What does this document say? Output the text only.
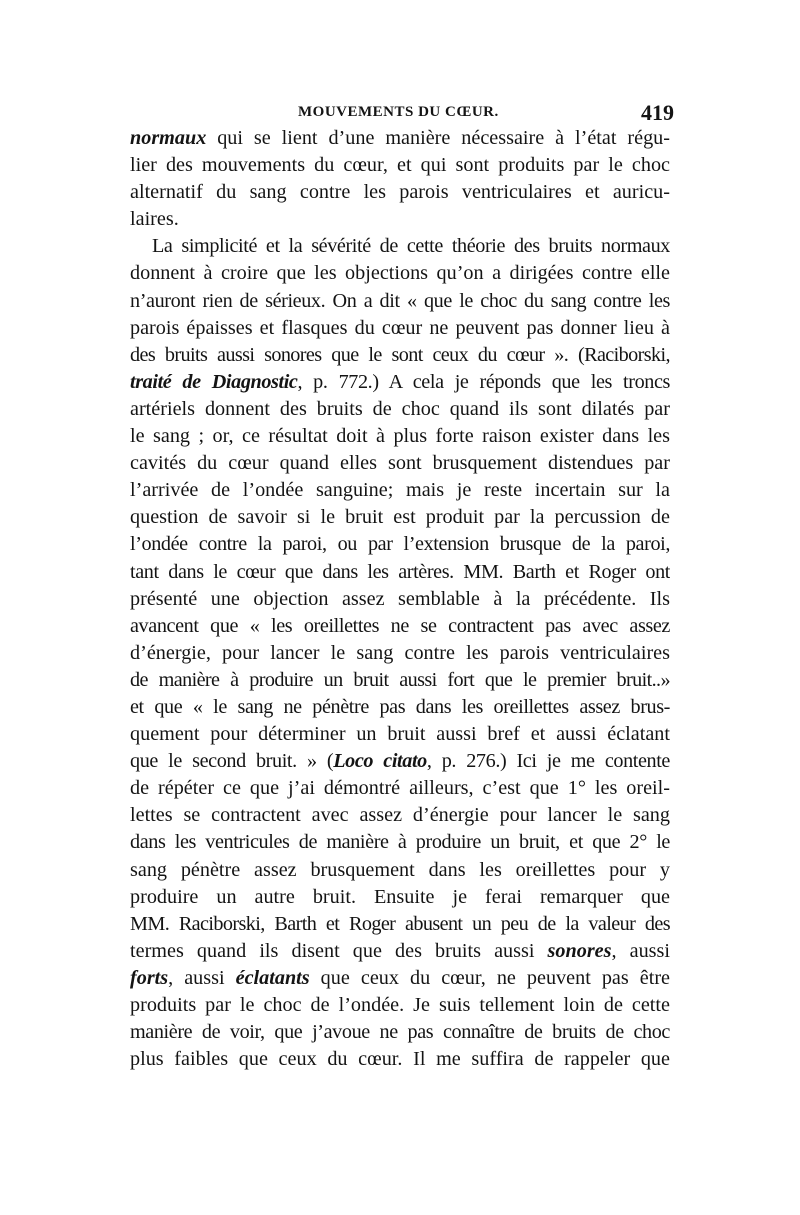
MOUVEMENTS DU CŒUR.	419
normaux qui se lient d’une manière nécessaire à l’état régu-
lier des mouvements du cœur, et qui sont produits par le choc
alternatif du sang contre les parois ventriculaires et auricu-
laires.
La simplicité et la sévérité de cette théorie des bruits normaux
donnent à croire que les objections qu’on a dirigées contre elle
n’auront rien de sérieux. On a dit « que le choc du sang contre les
parois épaisses et flasques du cœur ne peuvent pas donner lieu à
des bruits aussi sonores que le sont ceux du cœur ». (Raciborski,
traité de Diagnostic, p. 772.) A cela je réponds que les troncs
artériels donnent des bruits de choc quand ils sont dilatés par
le sang ; or, ce résultat doit à plus forte raison exister dans les
cavités du cœur quand elles sont brusquement distendues par
l’arrivée de l’ondée sanguine; mais je reste incertain sur la
question de savoir si le bruit est produit par la percussion de
l’ondée contre la paroi, ou par l’extension brusque de la paroi,
tant dans le cœur que dans les artères. MM. Barth et Roger ont
présenté une objection assez semblable à la précédente. Ils
avancent que « les oreillettes ne se contractent pas avec assez
d’énergie, pour lancer le sang contre les parois ventriculaires
de manière à produire un bruit aussi fort que le premier bruit..»
et que « le sang ne pénètre pas dans les oreillettes assez brus-
quement pour déterminer un bruit aussi bref et aussi éclatant
que le second bruit. » (Loco citato, p. 276.) Ici je me contente
de répéter ce que j’ai démontré ailleurs, c’est que 1° les oreil-
lettes se contractent avec assez d’énergie pour lancer le sang
dans les ventricules de manière à produire un bruit, et que 2° le
sang pénètre assez brusquement dans les oreillettes pour y
produire un autre bruit. Ensuite je ferai remarquer que
MM. Raciborski, Barth et Roger abusent un peu de la valeur des
termes quand ils disent que des bruits aussi sonores, aussi
forts, aussi éclatants que ceux du cœur, ne peuvent pas être
produits par le choc de l’ondée. Je suis tellement loin de cette
manière de voir, que j’avoue ne pas connaître de bruits de choc
plus faibles que ceux du cœur. Il me suffira de rappeler que
